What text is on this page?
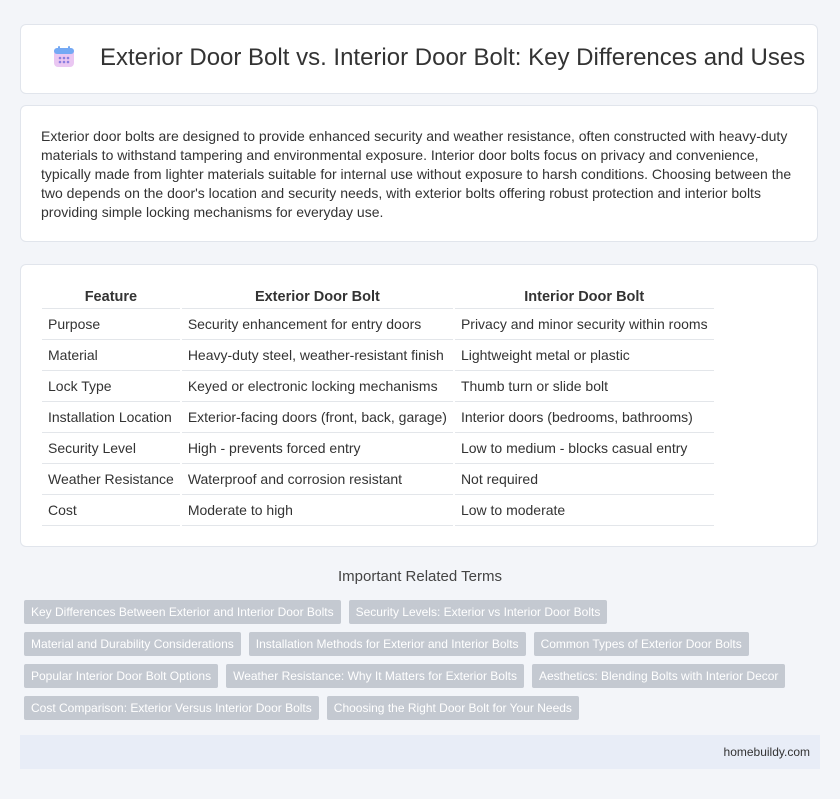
Exterior Door Bolt vs. Interior Door Bolt: Key Differences and Uses

Exterior door bolts are designed to provide enhanced security and weather resistance, often constructed with heavy-duty materials to withstand tampering and environmental exposure. Interior door bolts focus on privacy and convenience, typically made from lighter materials suitable for internal use without exposure to harsh conditions. Choosing between the two depends on the door's location and security needs, with exterior bolts offering robust protection and interior bolts providing simple locking mechanisms for everyday use.

Feature	Exterior Door Bolt	Interior Door Bolt
Purpose	Security enhancement for entry doors	Privacy and minor security within rooms
Material	Heavy-duty steel, weather-resistant finish	Lightweight metal or plastic
Lock Type	Keyed or electronic locking mechanisms	Thumb turn or slide bolt
Installation Location	Exterior-facing doors (front, back, garage)	Interior doors (bedrooms, bathrooms)
Security Level	High - prevents forced entry	Low to medium - blocks casual entry
Weather Resistance	Waterproof and corrosion resistant	Not required
Cost	Moderate to high	Low to moderate
Important Related Terms
Key Differences Between Exterior and Interior Door Bolts	Security Levels: Exterior vs Interior Door Bolts
Material and Durability Considerations	Installation Methods for Exterior and Interior Bolts	Common Types of Exterior Door Bolts
Popular Interior Door Bolt Options	Weather Resistance: Why It Matters for Exterior Bolts	Aesthetics: Blending Bolts with Interior Decor
Cost Comparison: Exterior Versus Interior Door Bolts	Choosing the Right Door Bolt for Your Needs
homebuildy.com
